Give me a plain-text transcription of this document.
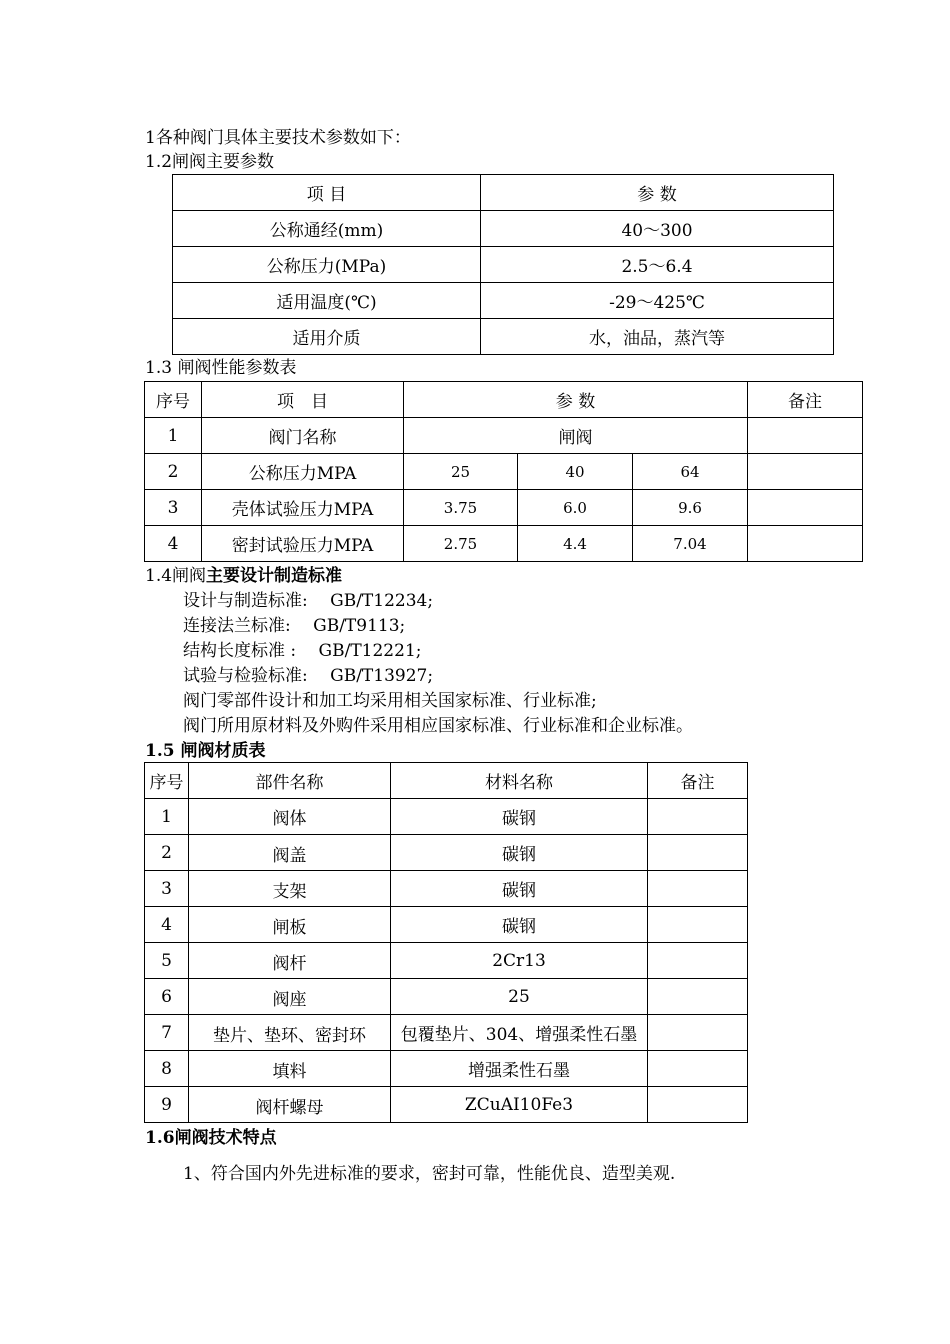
1各种阀门具体主要技术参数如下：
1.2闸阀主要参数
项 目	参 数
公称通经(mm)	40～300
公称压力(MPa)	2.5～6.4
适用温度(℃)	-29～425℃
适用介质	水，油品，蒸汽等
1.3 闸阀性能参数表
序号	项　目	参 数			备注
1	阀门名称	闸阀			
2	公称压力MPA	25	40	64	
3	壳体试验压力MPA	3.75	6.0	9.6	
4	密封试验压力MPA	2.75	4.4	7.04	
1.4闸阀主要设计制造标准
设计与制造标准:　 GB/T12234;
连接法兰标准:　 GB/T9113;
结构长度标准 :　 GB/T12221;
试验与检验标准:　 GB/T13927;
阀门零部件设计和加工均采用相关国家标准、行业标准;
阀门所用原材料及外购件采用相应国家标准、行业标准和企业标准。
1.5 闸阀材质表
序号	部件名称	材料名称	备注
1	阀体	碳钢	
2	阀盖	碳钢	
3	支架	碳钢	
4	闸板	碳钢	
5	阀杆	2Cr13	
6	阀座	25	
7	垫片、垫环、密封环	包覆垫片、304、增强柔性石墨	
8	填料	增强柔性石墨	
9	阀杆螺母	ZCuAI10Fe3	
1.6闸阀技术特点
1、符合国内外先进标准的要求，密封可靠，性能优良、造型美观.
